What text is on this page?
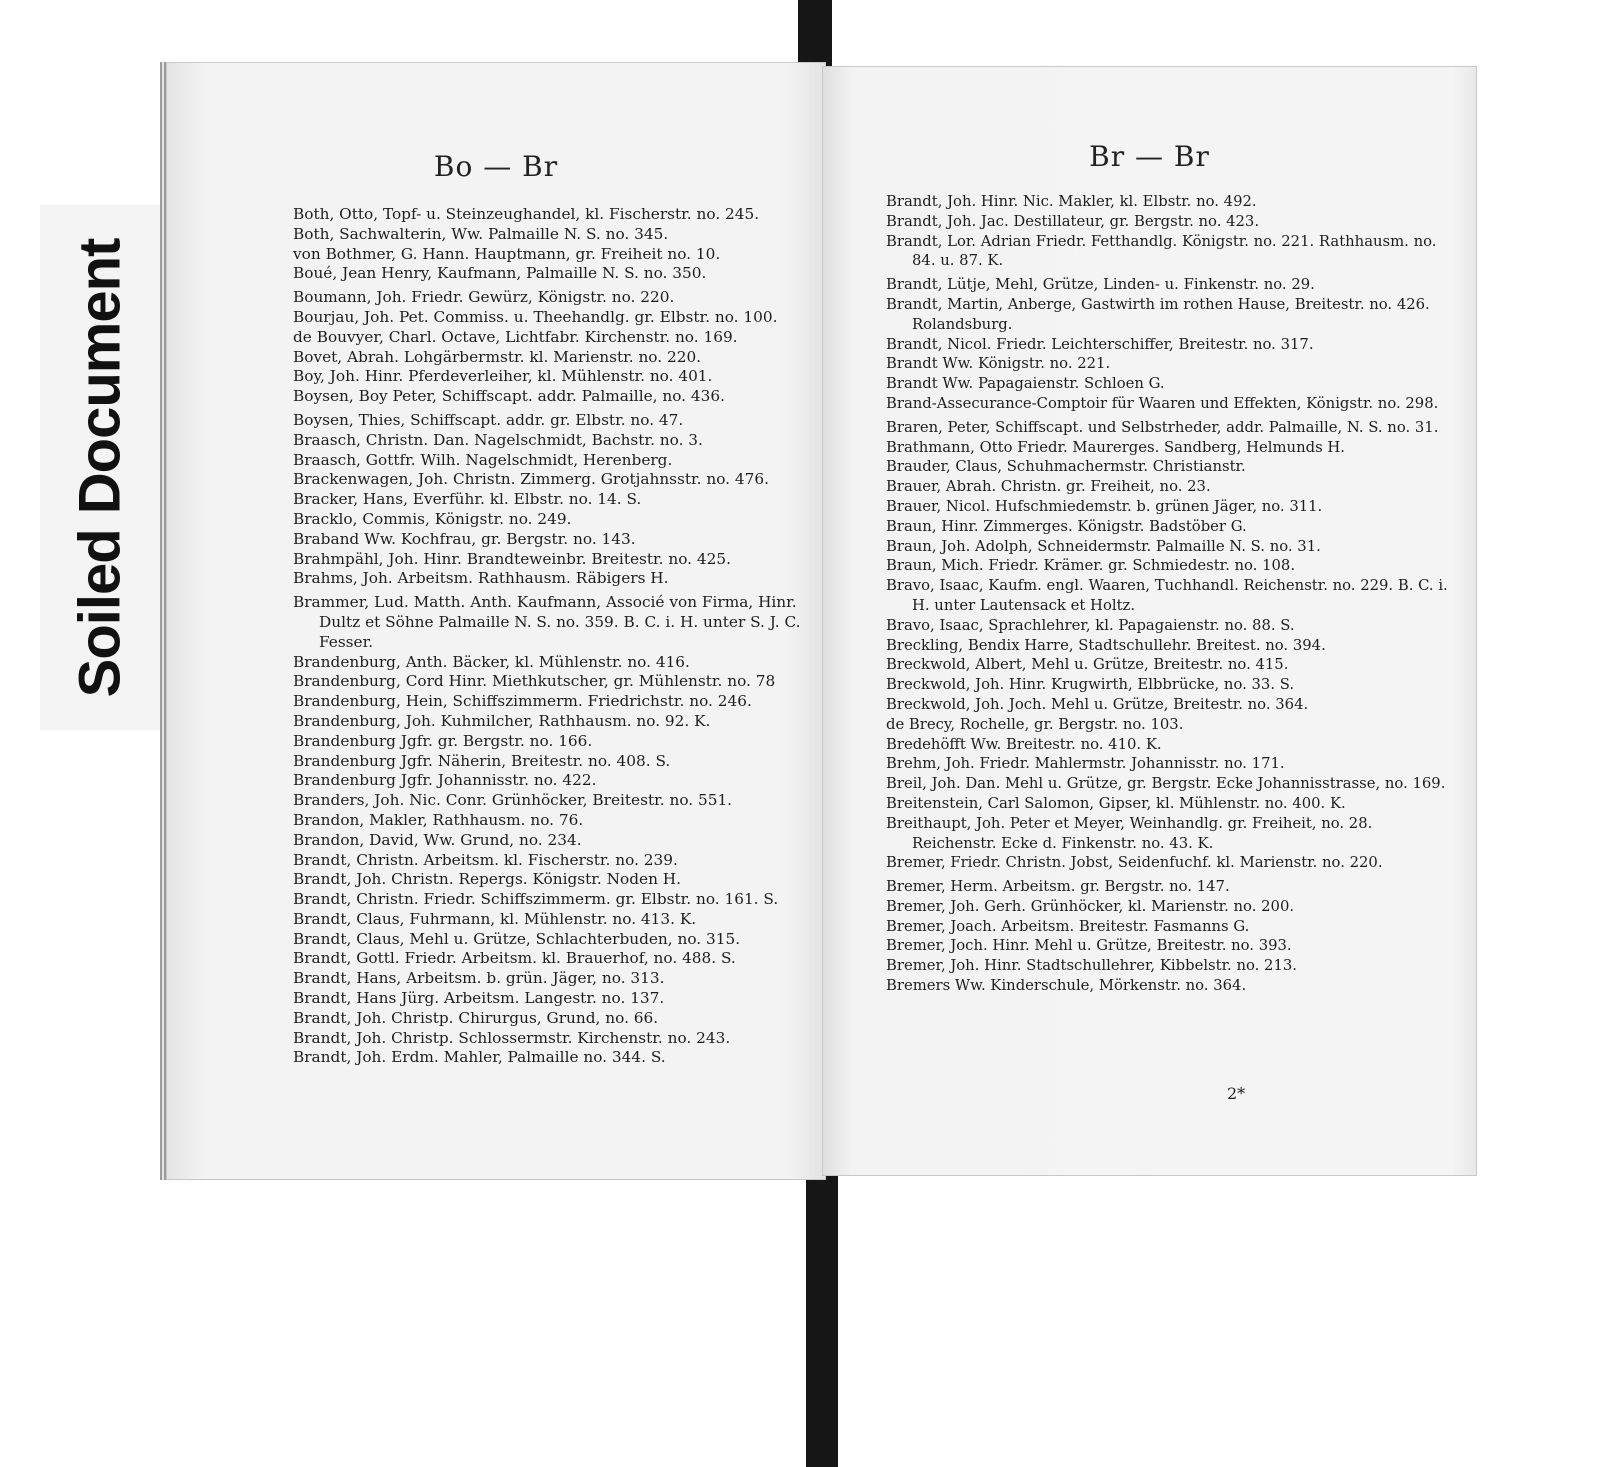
Soiled Document
Bo — Br
Both, Otto, Topf- u. Steinzeughandel, kl. Fischerstr. no. 245.
Both, Sachwalterin, Ww. Palmaille N. S. no. 345.
von Bothmer, G. Hann. Hauptmann, gr. Freiheit no. 10.
Boué, Jean Henry, Kaufmann, Palmaille N. S. no. 350.
Boumann, Joh. Friedr. Gewürz, Königstr. no. 220.
Bourjau, Joh. Pet. Commiss. u. Theehandlg. gr. Elbstr. no. 100.
de Bouvyer, Charl. Octave, Lichtfabr. Kirchenstr. no. 169.
Bovet, Abrah. Lohgärbermstr. kl. Marienstr. no. 220.
Boy, Joh. Hinr. Pferdeverleiher, kl. Mühlenstr. no. 401.
Boysen, Boy Peter, Schiffscapt. addr. Palmaille, no. 436.
Boysen, Thies, Schiffscapt. addr. gr. Elbstr. no. 47.
Braasch, Christn. Dan. Nagelschmidt, Bachstr. no. 3.
Braasch, Gottfr. Wilh. Nagelschmidt, Herenberg.
Brackenwagen, Joh. Christn. Zimmerg. Grotjahnsstr. no. 476.
Bracker, Hans, Everführ. kl. Elbstr. no. 14. S.
Bracklo, Commis, Königstr. no. 249.
Braband Ww. Kochfrau, gr. Bergstr. no. 143.
Brahmpähl, Joh. Hinr. Brandteweinbr. Breitestr. no. 425.
Brahms, Joh. Arbeitsm. Rathhausm. Räbigers H.
Brammer, Lud. Matth. Anth. Kaufmann, Associé von Firma, Hinr. Dultz et Söhne Palmaille N. S. no. 359. B. C. i. H. unter S. J. C. Fesser.
Brandenburg, Anth. Bäcker, kl. Mühlenstr. no. 416.
Brandenburg, Cord Hinr. Miethkutscher, gr. Mühlenstr. no. 78
Brandenburg, Hein, Schiffszimmerm. Friedrichstr. no. 246.
Brandenburg, Joh. Kuhmilcher, Rathhausm. no. 92. K.
Brandenburg Jgfr. gr. Bergstr. no. 166.
Brandenburg Jgfr. Näherin, Breitestr. no. 408. S.
Brandenburg Jgfr. Johannisstr. no. 422.
Branders, Joh. Nic. Conr. Grünhöcker, Breitestr. no. 551.
Brandon, Makler, Rathhausm. no. 76.
Brandon, David, Ww. Grund, no. 234.
Brandt, Christn. Arbeitsm. kl. Fischerstr. no. 239.
Brandt, Joh. Christn. Repergs. Königstr. Noden H.
Brandt, Christn. Friedr. Schiffszimmerm. gr. Elbstr. no. 161. S.
Brandt, Claus, Fuhrmann, kl. Mühlenstr. no. 413. K.
Brandt, Claus, Mehl u. Grütze, Schlachterbuden, no. 315.
Brandt, Gottl. Friedr. Arbeitsm. kl. Brauerhof, no. 488. S.
Brandt, Hans, Arbeitsm. b. grün. Jäger, no. 313.
Brandt, Hans Jürg. Arbeitsm. Langestr. no. 137.
Brandt, Joh. Christp. Chirurgus, Grund, no. 66.
Brandt, Joh. Christp. Schlossermstr. Kirchenstr. no. 243.
Brandt, Joh. Erdm. Mahler, Palmaille no. 344. S.
Br — Br
Brandt, Joh. Hinr. Nic. Makler, kl. Elbstr. no. 492.
Brandt, Joh. Jac. Destillateur, gr. Bergstr. no. 423.
Brandt, Lor. Adrian Friedr. Fetthandlg. Königstr. no. 221. Rathhausm. no. 84. u. 87. K.
Brandt, Lütje, Mehl, Grütze, Linden- u. Finkenstr. no. 29.
Brandt, Martin, Anberge, Gastwirth im rothen Hause, Breitestr. no. 426. Rolandsburg.
Brandt, Nicol. Friedr. Leichterschiffer, Breitestr. no. 317.
Brandt Ww. Königstr. no. 221.
Brandt Ww. Papagaienstr. Schloen G.
Brand-Assecurance-Comptoir für Waaren und Effekten, Königstr. no. 298.
Braren, Peter, Schiffscapt. und Selbstrheder, addr. Palmaille, N. S. no. 31.
Brathmann, Otto Friedr. Maurerges. Sandberg, Helmunds H.
Brauder, Claus, Schuhmachermstr. Christianstr.
Brauer, Abrah. Christn. gr. Freiheit, no. 23.
Brauer, Nicol. Hufschmiedemstr. b. grünen Jäger, no. 311.
Braun, Hinr. Zimmerges. Königstr. Badstöber G.
Braun, Joh. Adolph, Schneidermstr. Palmaille N. S. no. 31.
Braun, Mich. Friedr. Krämer. gr. Schmiedestr. no. 108.
Bravo, Isaac, Kaufm. engl. Waaren, Tuchhandl. Reichenstr. no. 229. B. C. i. H. unter Lautensack et Holtz.
Bravo, Isaac, Sprachlehrer, kl. Papagaienstr. no. 88. S.
Breckling, Bendix Harre, Stadtschullehr. Breitest. no. 394.
Breckwold, Albert, Mehl u. Grütze, Breitestr. no. 415.
Breckwold, Joh. Hinr. Krugwirth, Elbbrücke, no. 33. S.
Breckwold, Joh. Joch. Mehl u. Grütze, Breitestr. no. 364.
de Brecy, Rochelle, gr. Bergstr. no. 103.
Bredehöfft Ww. Breitestr. no. 410. K.
Brehm, Joh. Friedr. Mahlermstr. Johannisstr. no. 171.
Breil, Joh. Dan. Mehl u. Grütze, gr. Bergstr. Ecke Johannisstrasse, no. 169.
Breitenstein, Carl Salomon, Gipser, kl. Mühlenstr. no. 400. K.
Breithaupt, Joh. Peter et Meyer, Weinhandlg. gr. Freiheit, no. 28. Reichenstr. Ecke d. Finkenstr. no. 43. K.
Bremer, Friedr. Christn. Jobst, Seidenfuchf. kl. Marienstr. no. 220.
Bremer, Herm. Arbeitsm. gr. Bergstr. no. 147.
Bremer, Joh. Gerh. Grünhöcker, kl. Marienstr. no. 200.
Bremer, Joach. Arbeitsm. Breitestr. Fasmanns G.
Bremer, Joch. Hinr. Mehl u. Grütze, Breitestr. no. 393.
Bremer, Joh. Hinr. Stadtschullehrer, Kibbelstr. no. 213.
Bremers Ww. Kinderschule, Mörkenstr. no. 364.
2*
